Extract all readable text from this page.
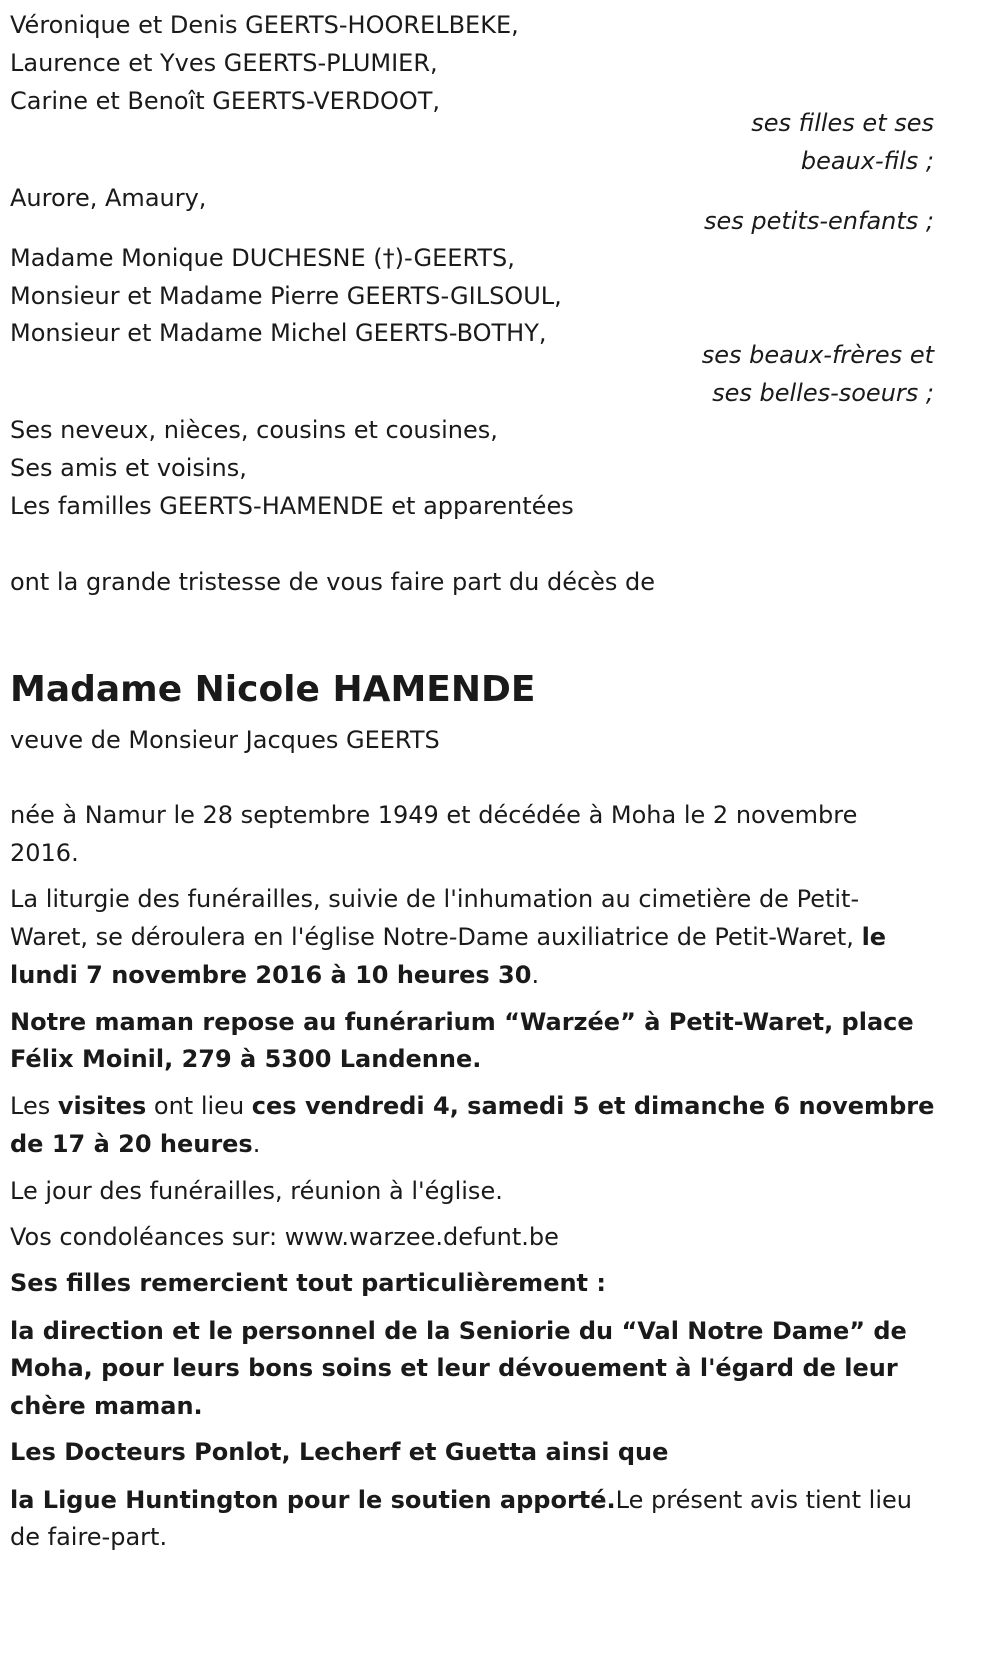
Véronique et Denis GEERTS-HOORELBEKE,
Laurence et Yves GEERTS-PLUMIER,
Carine et Benoît GEERTS-VERDOOT,
ses filles et ses
beaux-fils ;
Aurore, Amaury,
ses petits-enfants ;
Madame Monique DUCHESNE (†)-GEERTS,
Monsieur et Madame Pierre GEERTS-GILSOUL,
Monsieur et Madame Michel GEERTS-BOTHY,
ses beaux-frères et
ses belles-soeurs ;
Ses neveux, nièces, cousins et cousines,
Ses amis et voisins,
Les familles GEERTS-HAMENDE et apparentées
ont la grande tristesse de vous faire part du décès de
Madame Nicole HAMENDE
veuve de Monsieur Jacques GEERTS
née à Namur le 28 septembre 1949 et décédée à Moha le 2 novembre
2016.
La liturgie des funérailles, suivie de l'inhumation au cimetière de Petit-
Waret, se déroulera en l'église Notre-Dame auxiliatrice de Petit-Waret, le
lundi 7 novembre 2016 à 10 heures 30.
Notre maman repose au funérarium “Warzée” à Petit-Waret, place
Félix Moinil, 279 à 5300 Landenne.
Les visites ont lieu ces vendredi 4, samedi 5 et dimanche 6 novembre
de 17 à 20 heures.
Le jour des funérailles, réunion à l'église.
Vos condoléances sur: www.warzee.defunt.be
Ses filles remercient tout particulièrement :
la direction et le personnel de la Seniorie du “Val Notre Dame” de
Moha, pour leurs bons soins et leur dévouement à l'égard de leur
chère maman.
Les Docteurs Ponlot, Lecherf et Guetta ainsi que
la Ligue Huntington pour le soutien apporté.Le présent avis tient lieu
de faire-part.
